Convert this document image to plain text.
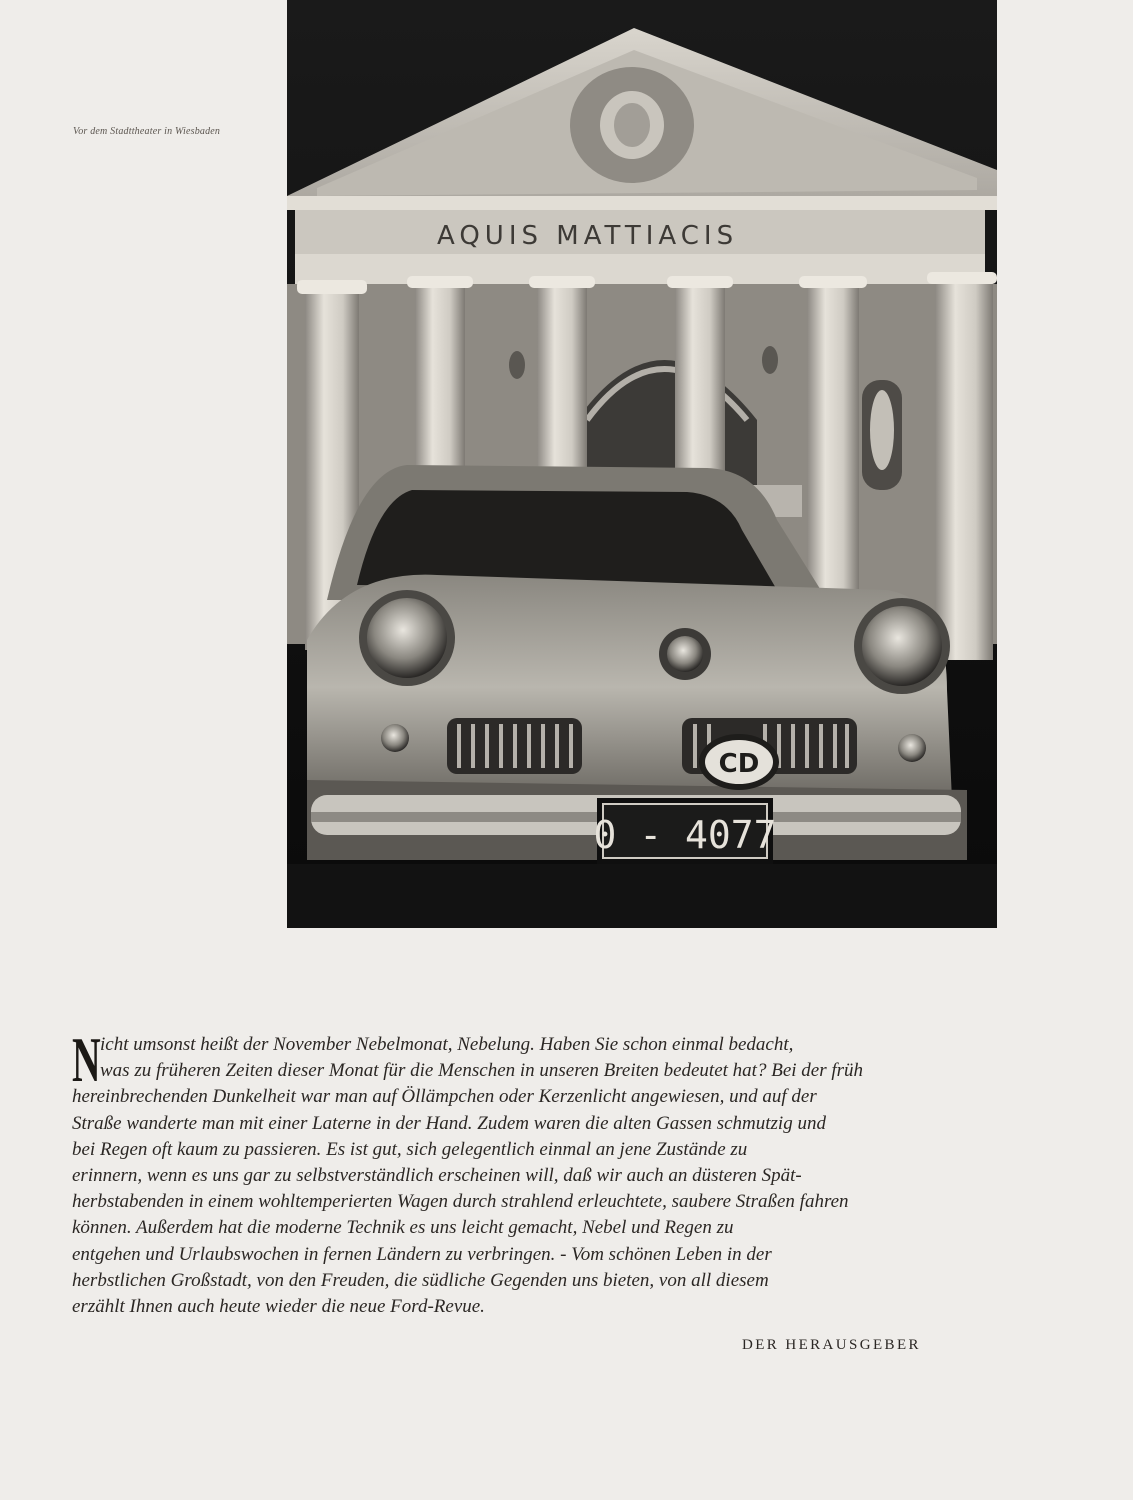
Vor dem Stadttheater in Wiesbaden
AQUIS MATTIACIS
CD
0 - 4077
N icht umsonst heißt der November Nebelmonat, Nebelung. Haben Sie schon einmal bedacht,
was zu früheren Zeiten dieser Monat für die Menschen in unseren Breiten bedeutet hat? Bei der früh
hereinbrechenden Dunkelheit war man auf Öllämpchen oder Kerzenlicht angewiesen, und auf der
Straße wanderte man mit einer Laterne in der Hand. Zudem waren die alten Gassen schmutzig und
bei Regen oft kaum zu passieren. Es ist gut, sich gelegentlich einmal an jene Zustände zu
erinnern, wenn es uns gar zu selbstverständlich erscheinen will, daß wir auch an düsteren Spät-
herbstabenden in einem wohltemperierten Wagen durch strahlend erleuchtete, saubere Straßen fahren
können. Außerdem hat die moderne Technik es uns leicht gemacht, Nebel und Regen zu
entgehen und Urlaubswochen in fernen Ländern zu verbringen. - Vom schönen Leben in der
herbstlichen Großstadt, von den Freuden, die südliche Gegenden uns bieten, von all diesem
erzählt Ihnen auch heute wieder die neue Ford-Revue.
DER HERAUSGEBER
